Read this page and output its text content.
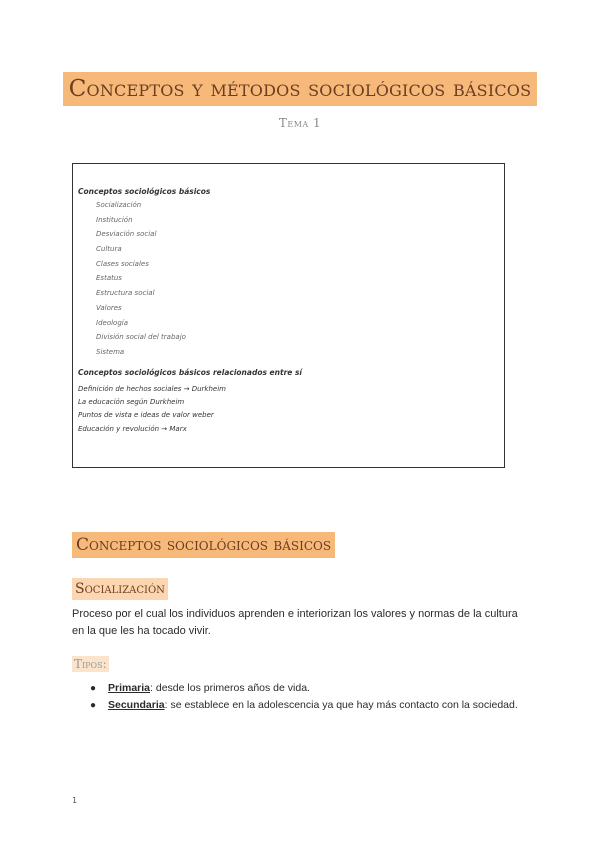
Conceptos y métodos sociológicos básicos
Tema 1
Conceptos sociológicos básicos
Socialización
Institución
Desviación social
Cultura
Clases sociales
Estatus
Estructura social
Valores
Ideología
División social del trabajo
Sistema
Conceptos sociológicos básicos relacionados entre sí
Definición de hechos sociales → Durkheim
La educación según Durkheim
Puntos de vista e ideas de valor weber
Educación y revolución → Marx
Conceptos sociológicos básicos
Socialización
Proceso por el cual los individuos aprenden e interiorizan los valores y normas de la cultura en la que les ha tocado vivir.
Tipos:
● Primaria: desde los primeros años de vida.
● Secundaria: se establece en la adolescencia ya que hay más contacto con la sociedad.
1
